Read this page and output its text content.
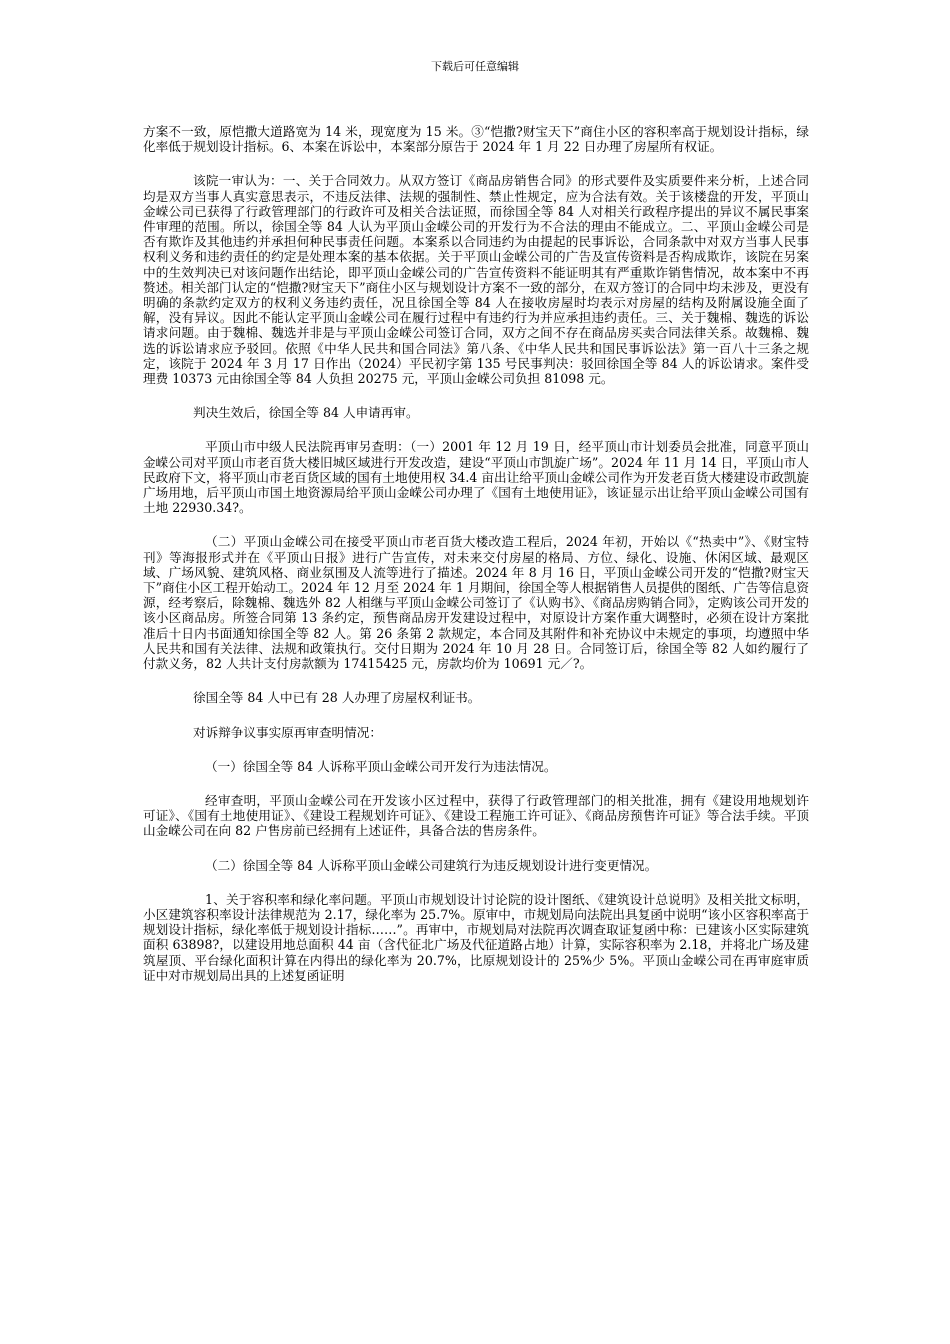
下载后可任意编辑

方案不一致，原恺撒大道路宽为 14 米，现宽度为 15 米。③“恺撒?财宝天下”商住小区的容积率高于规划设计指标，绿化率低于规划设计指标。6、本案在诉讼中，本案部分原告于 2024 年 1 月 22 日办理了房屋所有权证。

该院一审认为：一、关于合同效力。从双方签订《商品房销售合同》的形式要件及实质要件来分析，上述合同均是双方当事人真实意思表示，不违反法律、法规的强制性、禁止性规定，应为合法有效。关于该楼盘的开发，平顶山金嵘公司已获得了行政管理部门的行政许可及相关合法证照，而徐国全等 84 人对相关行政程序提出的异议不属民事案件审理的范围。所以，徐国全等 84 人认为平顶山金嵘公司的开发行为不合法的理由不能成立。二、平顶山金嵘公司是否有欺诈及其他违约并承担何种民事责任问题。本案系以合同违约为由提起的民事诉讼，合同条款中对双方当事人民事权利义务和违约责任的约定是处理本案的基本依据。关于平顶山金嵘公司的广告及宣传资料是否构成欺诈，该院在另案中的生效判决已对该问题作出结论，即平顶山金嵘公司的广告宣传资料不能证明其有严重欺诈销售情况，故本案中不再赘述。相关部门认定的“恺撒?财宝天下”商住小区与规划设计方案不一致的部分，在双方签订的合同中均未涉及，更没有明确的条款约定双方的权利义务违约责任，况且徐国全等 84 人在接收房屋时均表示对房屋的结构及附属设施全面了解，没有异议。因此不能认定平顶山金嵘公司在履行过程中有违约行为并应承担违约责任。三、关于魏棉、魏选的诉讼请求问题。由于魏棉、魏选并非是与平顶山金嵘公司签订合同，双方之间不存在商品房买卖合同法律关系。故魏棉、魏选的诉讼请求应予驳回。依照《中华人民共和国合同法》第八条、《中华人民共和国民事诉讼法》第一百八十三条之规定，该院于 2024 年 3 月 17 日作出（2024）平民初字第 135 号民事判决：驳回徐国全等 84 人的诉讼请求。案件受理费 10373 元由徐国全等 84 人负担 20275 元，平顶山金嵘公司负担 81098 元。

判决生效后，徐国全等 84 人申请再审。

平顶山市中级人民法院再审另查明：（一）2001 年 12 月 19 日，经平顶山市计划委员会批准，同意平顶山金嵘公司对平顶山市老百货大楼旧城区域进行开发改造，建设“平顶山市凯旋广场”。2024 年 11 月 14 日，平顶山市人民政府下文，将平顶山市老百货区域的国有土地使用权 34.4 亩出让给平顶山金嵘公司作为开发老百货大楼建设市政凯旋广场用地，后平顶山市国土地资源局给平顶山金嵘公司办理了《国有土地使用证》，该证显示出让给平顶山金嵘公司国有土地 22930.34?。

（二）平顶山金嵘公司在接受平顶山市老百货大楼改造工程后，2024 年初，开始以《“热卖中”》、《财宝特刊》等海报形式并在《平顶山日报》进行广告宣传，对未来交付房屋的格局、方位、绿化、设施、休闲区域、最观区域、广场风貌、建筑风格、商业氛围及人流等进行了描述。2024 年 8 月 16 日，平顶山金嵘公司开发的“恺撒?财宝天下”商住小区工程开始动工。2024 年 12 月至 2024 年 1 月期间，徐国全等人根据销售人员提供的图纸、广告等信息资源，经考察后，除魏棉、魏选外 82 人相继与平顶山金嵘公司签订了《认购书》、《商品房购销合同》，定购该公司开发的该小区商品房。所签合同第 13 条约定，预售商品房开发建设过程中，对原设计方案作重大调整时，必须在设计方案批准后十日内书面通知徐国全等 82 人。第 26 条第 2 款规定，本合同及其附件和补充协议中未规定的事项，均遵照中华人民共和国有关法律、法规和政策执行。交付日期为 2024 年 10 月 28 日。合同签订后，徐国全等 82 人如约履行了付款义务，82 人共计支付房款额为 17415425 元，房款均价为 10691 元／?。

徐国全等 84 人中已有 28 人办理了房屋权利证书。

对诉辩争议事实原再审查明情况：

（一）徐国全等 84 人诉称平顶山金嵘公司开发行为违法情况。

经审查明，平顶山金嵘公司在开发该小区过程中，获得了行政管理部门的相关批准，拥有《建设用地规划许可证》、《国有土地使用证》、《建设工程规划许可证》、《建设工程施工许可证》、《商品房预售许可证》等合法手续。平顶山金嵘公司在向 82 户售房前已经拥有上述证件，具备合法的售房条件。

（二）徐国全等 84 人诉称平顶山金嵘公司建筑行为违反规划设计进行变更情况。

1、关于容积率和绿化率问题。平顶山市规划设计讨论院的设计图纸、《建筑设计总说明》及相关批文标明，小区建筑容积率设计法律规范为 2.17，绿化率为 25.7%。原审中，市规划局向法院出具复函中说明“该小区容积率高于规划设计指标，绿化率低于规划设计指标……”。再审中，市规划局对法院再次调查取证复函中称：已建该小区实际建筑面积 63898?，以建设用地总面积 44 亩（含代征北广场及代征道路占地）计算，实际容积率为 2.18，并将北广场及建筑屋顶、平台绿化面积计算在内得出的绿化率为 20.7%，比原规划设计的 25%少 5%。平顶山金嵘公司在再审庭审质证中对市规划局出具的上述复函证明
